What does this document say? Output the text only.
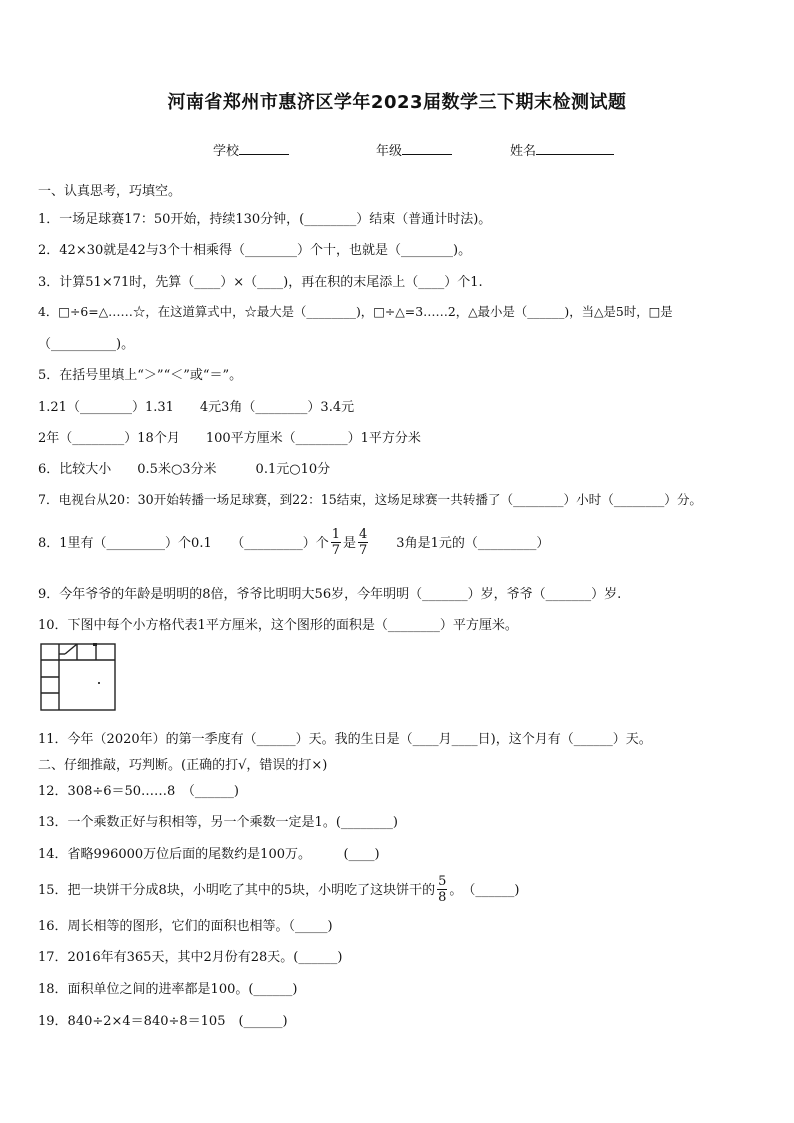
河南省郑州市惠济区学年2023届数学三下期末检测试题
学校	年级	姓名
一、认真思考，巧填空。
1．一场足球赛17：50开始，持续130分钟，(________）结束（普通计时法)。
2．42×30就是42与3个十相乘得（________）个十，也就是（________)。
3．计算51×71时，先算（____）×（____)，再在积的末尾添上（____）个1.
4．□÷6=△……☆，在这道算式中，☆最大是（________)，□÷△=3……2，△最小是（______)，当△是5时，□是
（__________)。
5．在括号里填上“＞”“＜”或“＝”。
1.21（________）1.31　　4元3角（________）3.4元
2年（________）18个月　　100平方厘米（________）1平方分米
6．比较大小　　0.5米○3分米　　　0.1元○10分
7．电视台从20：30开始转播一场足球赛，到22：15结束，这场足球赛一共转播了（________）小时（________）分。
8．1里有（_________）个0.1　　（_________）个 $\frac{1}{7}$ 是 $\frac{4}{7}$ 　　3角是1元的（_________）
9．今年爷爷的年龄是明明的8倍，爷爷比明明大56岁，今年明明（_______）岁，爷爷（_______）岁.
10．下图中每个小方格代表1平方厘米，这个图形的面积是（________）平方厘米。
11．今年（2020年）的第一季度有（______）天。我的生日是（____月____日)，这个月有（______）天。
二、仔细推敲，巧判断。(正确的打√，错误的打×)
12．308÷6＝50……8　（______)
13．一个乘数正好与积相等，另一个乘数一定是1。(________)
14．省略996000万位后面的尾数约是100万。　　　(____)
15．把一块饼干分成8块，小明吃了其中的5块，小明吃了这块饼干的 $\frac{5}{8}$ 。　（______)
16．周长相等的图形，它们的面积也相等。（_____)
17．2016年有365天，其中2月份有28天。(______)
18．面积单位之间的进率都是100。(______)
19．840÷2×4＝840÷8＝105　(______)
